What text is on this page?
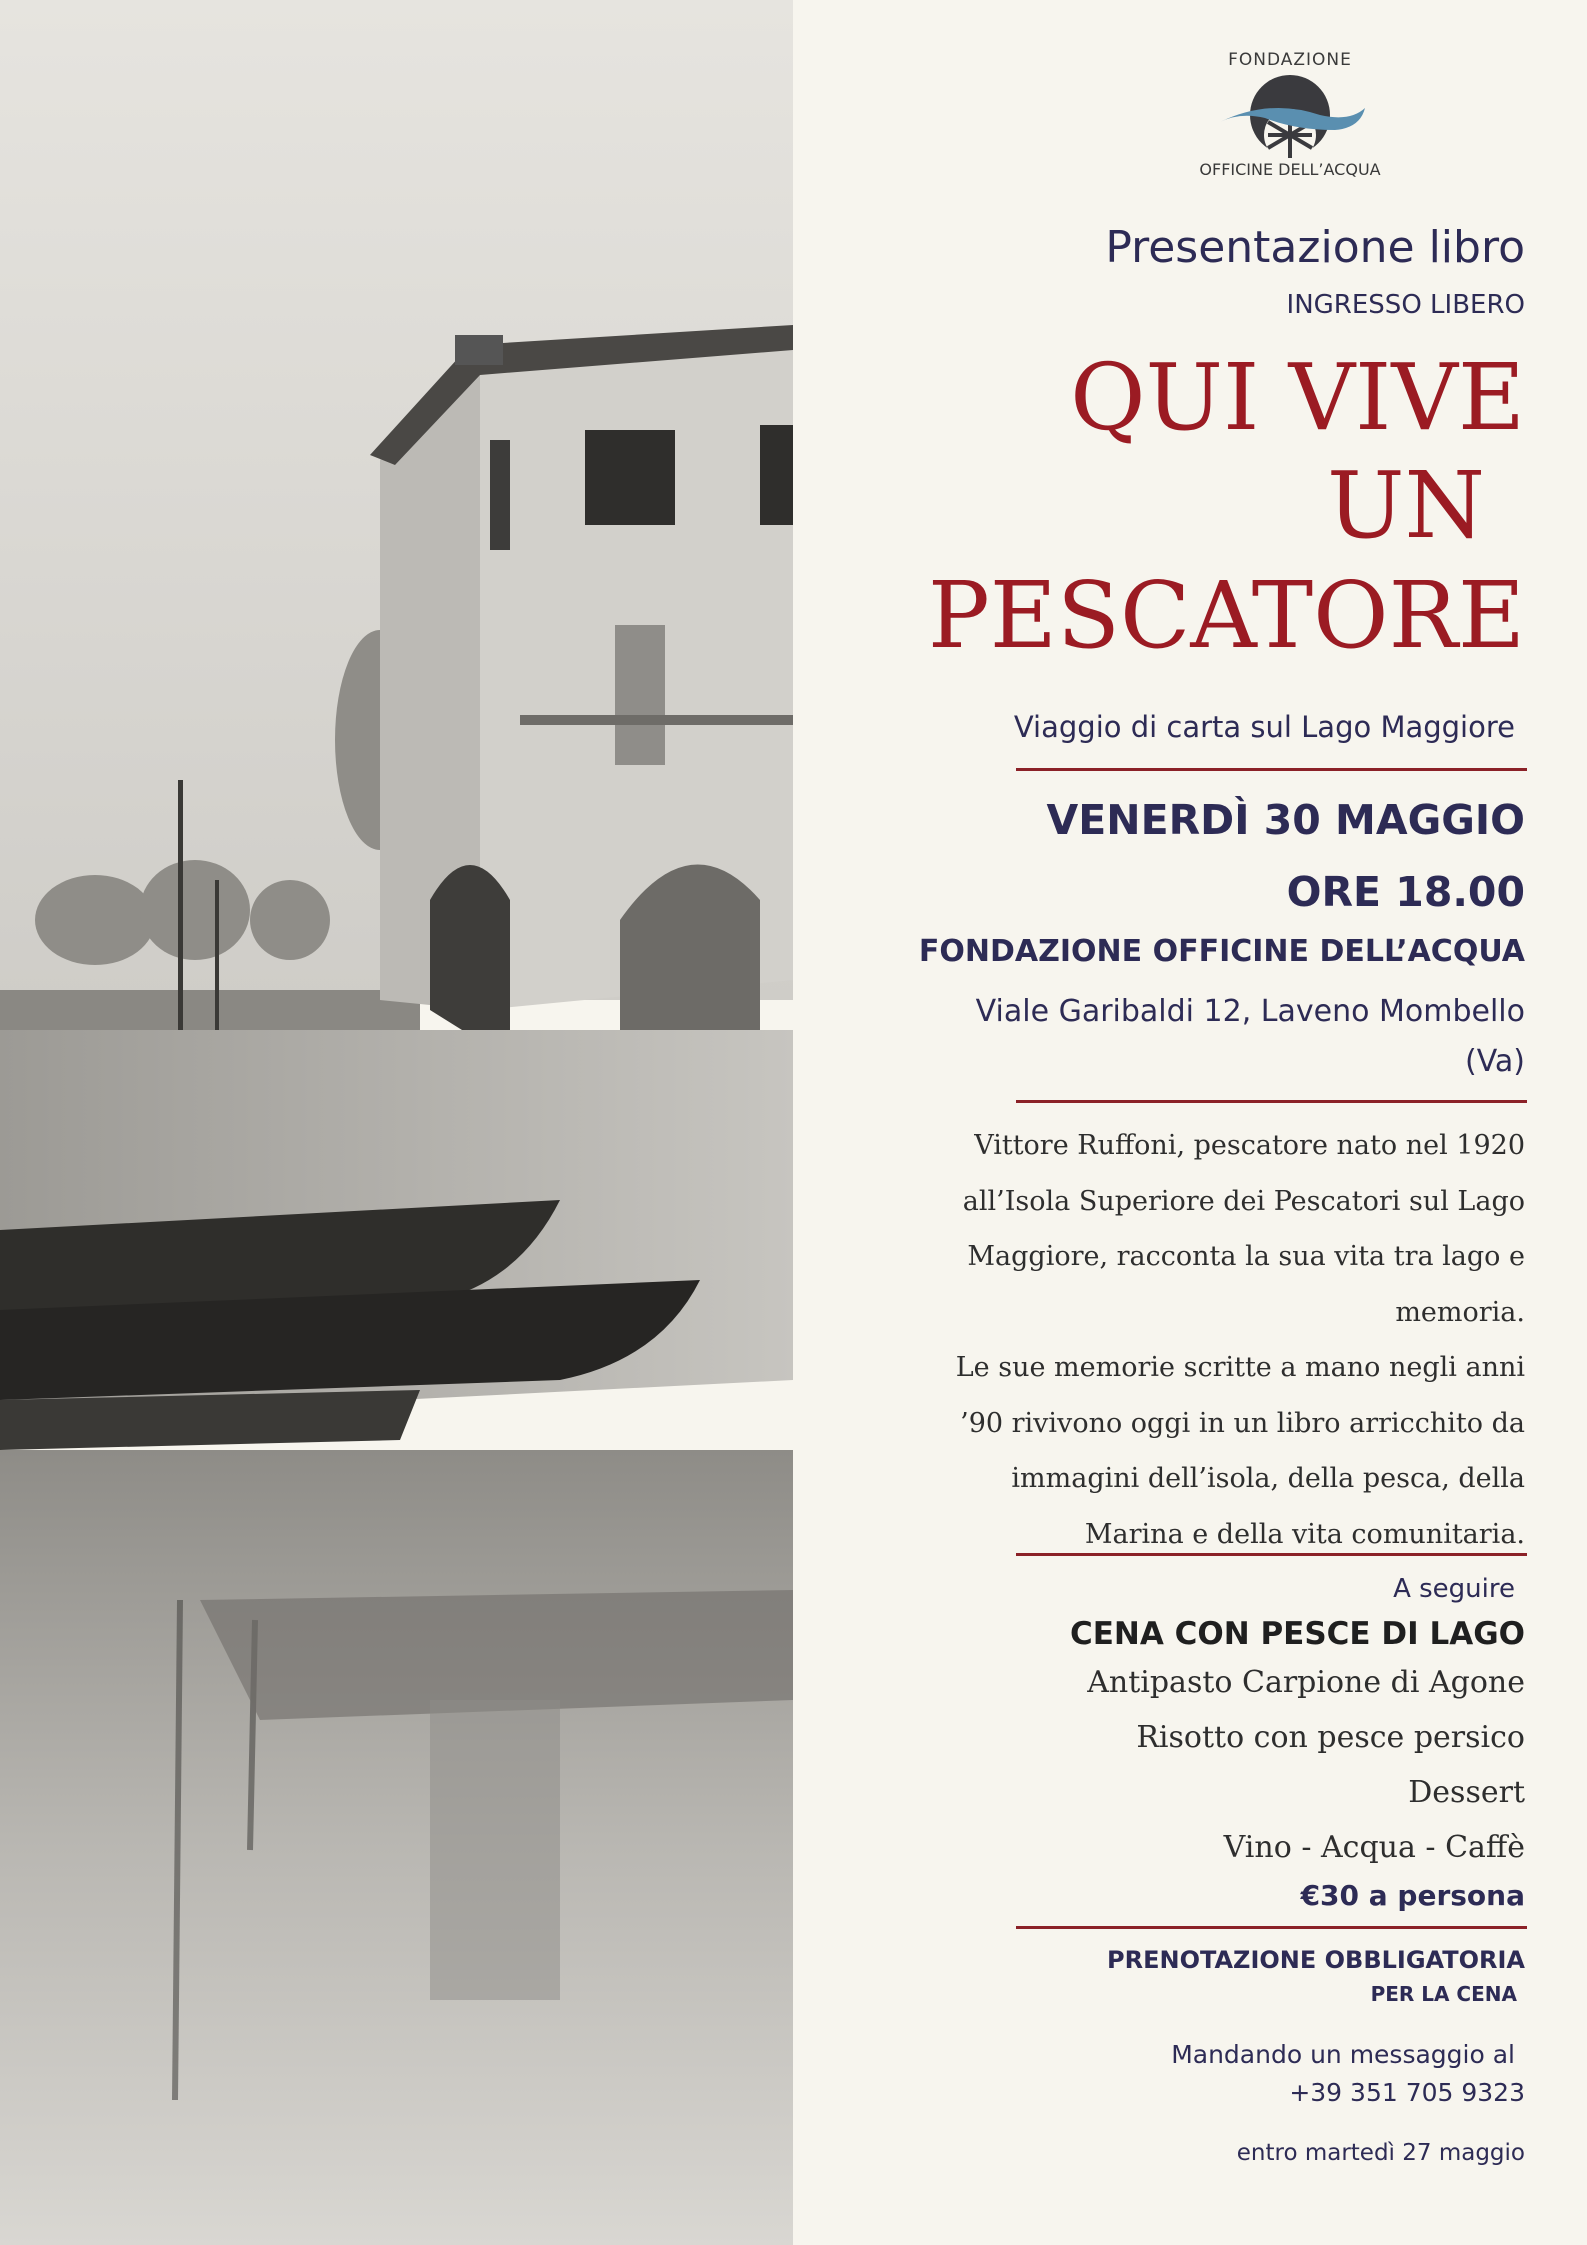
FONDAZIONE
OFFICINE DELL’ACQUA
Presentazione libro
INGRESSO LIBERO
QUI VIVE
UN
PESCATORE
Viaggio di carta sul Lago Maggiore
VENERDÌ 30 MAGGIO
ORE 18.00
FONDAZIONE OFFICINE DELL’ACQUA
Viale Garibaldi 12, Laveno Mombello
(Va)
Vittore Ruffoni, pescatore nato nel 1920
all’Isola Superiore dei Pescatori sul Lago
Maggiore, racconta la sua vita tra lago e
memoria.
Le sue memorie scritte a mano negli anni
’90 rivivono oggi in un libro arricchito da
immagini dell’isola, della pesca, della
Marina e della vita comunitaria.
A seguire
CENA CON PESCE DI LAGO
Antipasto Carpione di Agone
Risotto con pesce persico
Dessert
Vino - Acqua - Caffè
€30 a persona
PRENOTAZIONE OBBLIGATORIA
PER LA CENA
Mandando un messaggio al
+39 351 705 9323
entro martedì 27 maggio
